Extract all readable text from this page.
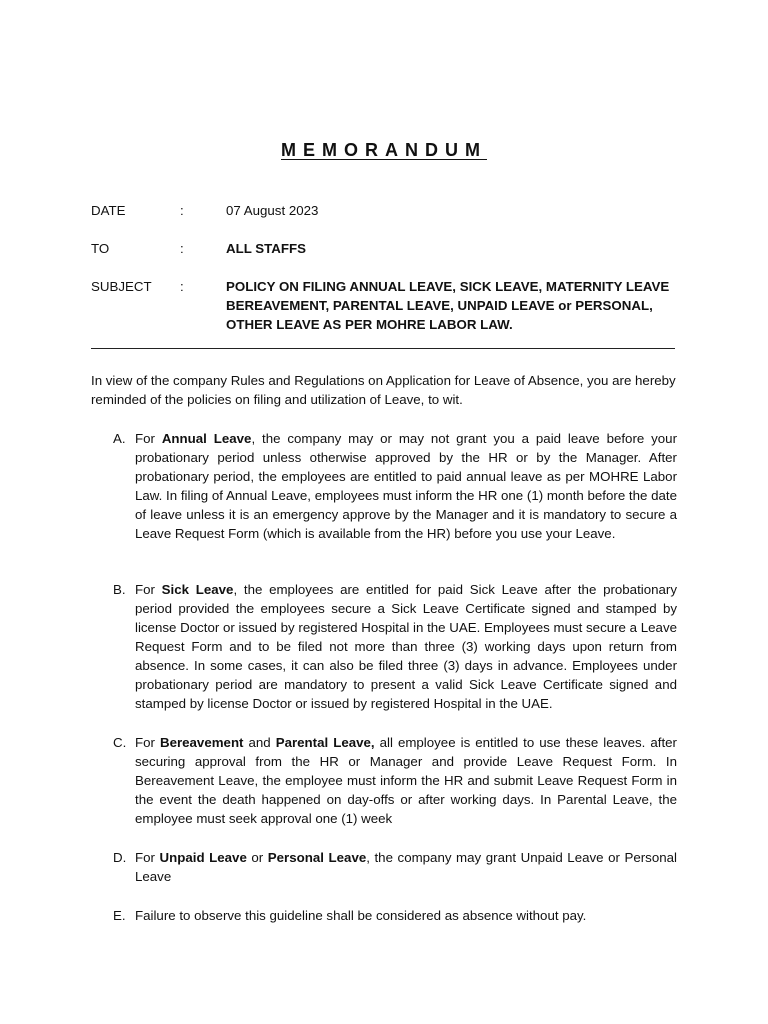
MEMORANDUM
DATE	:	07 August 2023
TO	:	ALL STAFFS
SUBJECT	:	POLICY ON FILING ANNUAL LEAVE, SICK LEAVE, MATERNITY LEAVE BEREAVEMENT, PARENTAL LEAVE, UNPAID LEAVE or PERSONAL, OTHER LEAVE AS PER MOHRE LABOR LAW.
In view of the company Rules and Regulations on Application for Leave of Absence, you are hereby reminded of the policies on filing and utilization of Leave, to wit.
A. For Annual Leave, the company may or may not grant you a paid leave before your probationary period unless otherwise approved by the HR or by the Manager. After probationary period, the employees are entitled to paid annual leave as per MOHRE Labor Law. In filing of Annual Leave, employees must inform the HR one (1) month before the date of leave unless it is an emergency approve by the Manager and it is mandatory to secure a Leave Request Form (which is available from the HR) before you use your Leave.
B. For Sick Leave, the employees are entitled for paid Sick Leave after the probationary period provided the employees secure a Sick Leave Certificate signed and stamped by license Doctor or issued by registered Hospital in the UAE. Employees must secure a Leave Request Form and to be filed not more than three (3) working days upon return from absence. In some cases, it can also be filed three (3) days in advance. Employees under probationary period are mandatory to present a valid Sick Leave Certificate signed and stamped by license Doctor or issued by registered Hospital in the UAE.
C. For Bereavement and Parental Leave, all employee is entitled to use these leaves. after securing approval from the HR or Manager and provide Leave Request Form. In Bereavement Leave, the employee must inform the HR and submit Leave Request Form in the event the death happened on day-offs or after working days. In Parental Leave, the employee must seek approval one (1) week
D. For Unpaid Leave or Personal Leave, the company may grant Unpaid Leave or Personal Leave
E. Failure to observe this guideline shall be considered as absence without pay.
